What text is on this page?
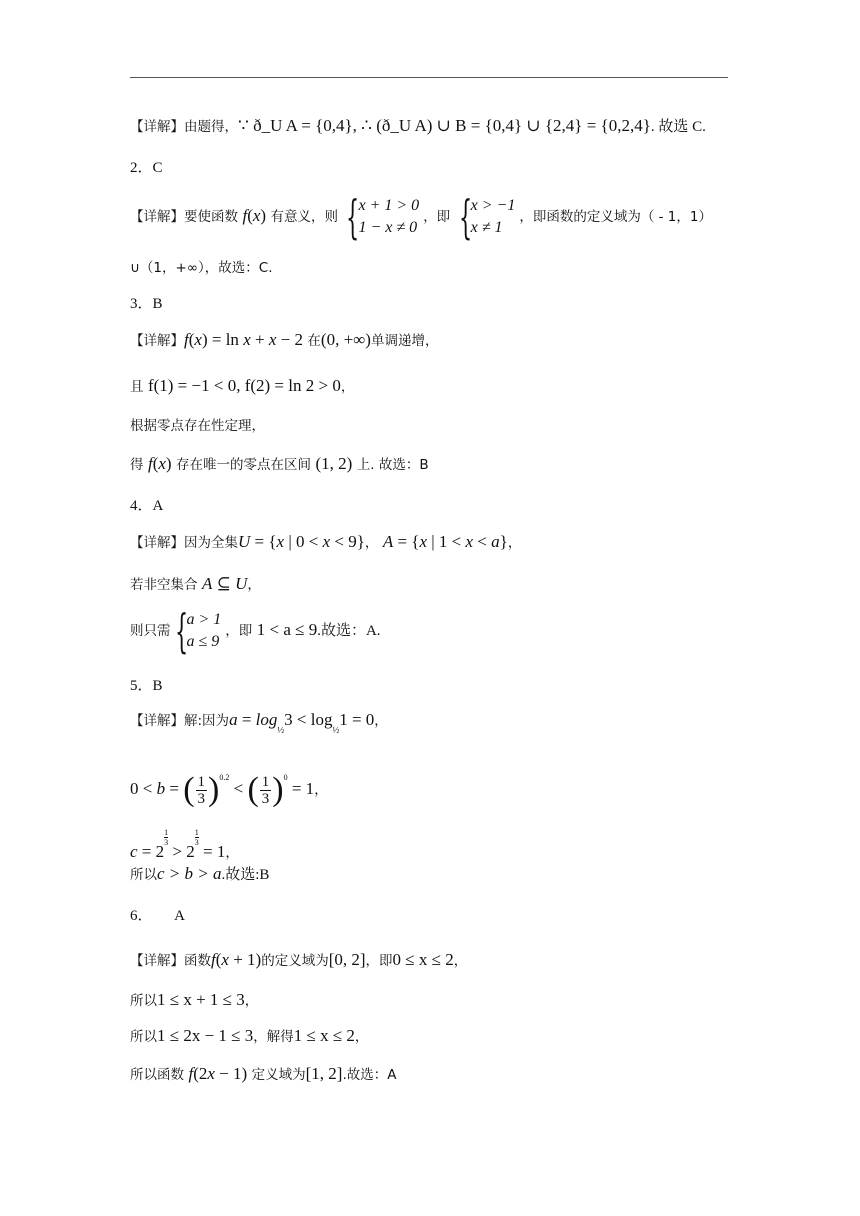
【详解】由题得，∵ ð_U A = {0,4}, ∴ (ð_U A) ∪ B = {0,4} ∪ {2,4} = {0,2,4}. 故选 C.
2．C
【详解】要使函数 f(x) 有意义，则 {
x + 1 > 0
1 − x ≠ 0
，即 {
x > −1
x ≠ 1
，即函数的定义域为（ - 1，1）
∪（1，+∞），故选：C.
3．B
【详解】f(x) = ln x + x − 2 在(0, +∞)单调递增，
且 f(1) = −1 < 0, f(2) = ln 2 > 0，
根据零点存在性定理，
得 f(x) 存在唯一的零点在区间 (1, 2) 上. 故选：B
4．A
【详解】因为全集U = {x | 0 < x < 9}， A = {x | 1 < x < a}，
若非空集合 A ⊆ U，
则只需 {
a > 1
a ≤ 9
，即 1 < a ≤ 9.故选：A.
5．B
【详解】解:因为$a = \log_{\frac{1}{2}}3 < \log_{\frac{1}{2}}1 = 0$，
0 < b = ( $\frac{1}{3} )^{0.2}$ < ( $\frac{1}{3} )^0 = 1$，
c = 2
1
3 > 2
1
3 = 1，
所以c > b > a.故选:B
6．      A
【详解】函数f(x + 1)的定义域为[0, 2]，即0 ≤ x ≤ 2，
所以1 ≤ x + 1 ≤ 3，
所以1 ≤ 2x − 1 ≤ 3，解得1 ≤ x ≤ 2，
所以函数 f(2x − 1) 定义域为[1, 2].故选：A
